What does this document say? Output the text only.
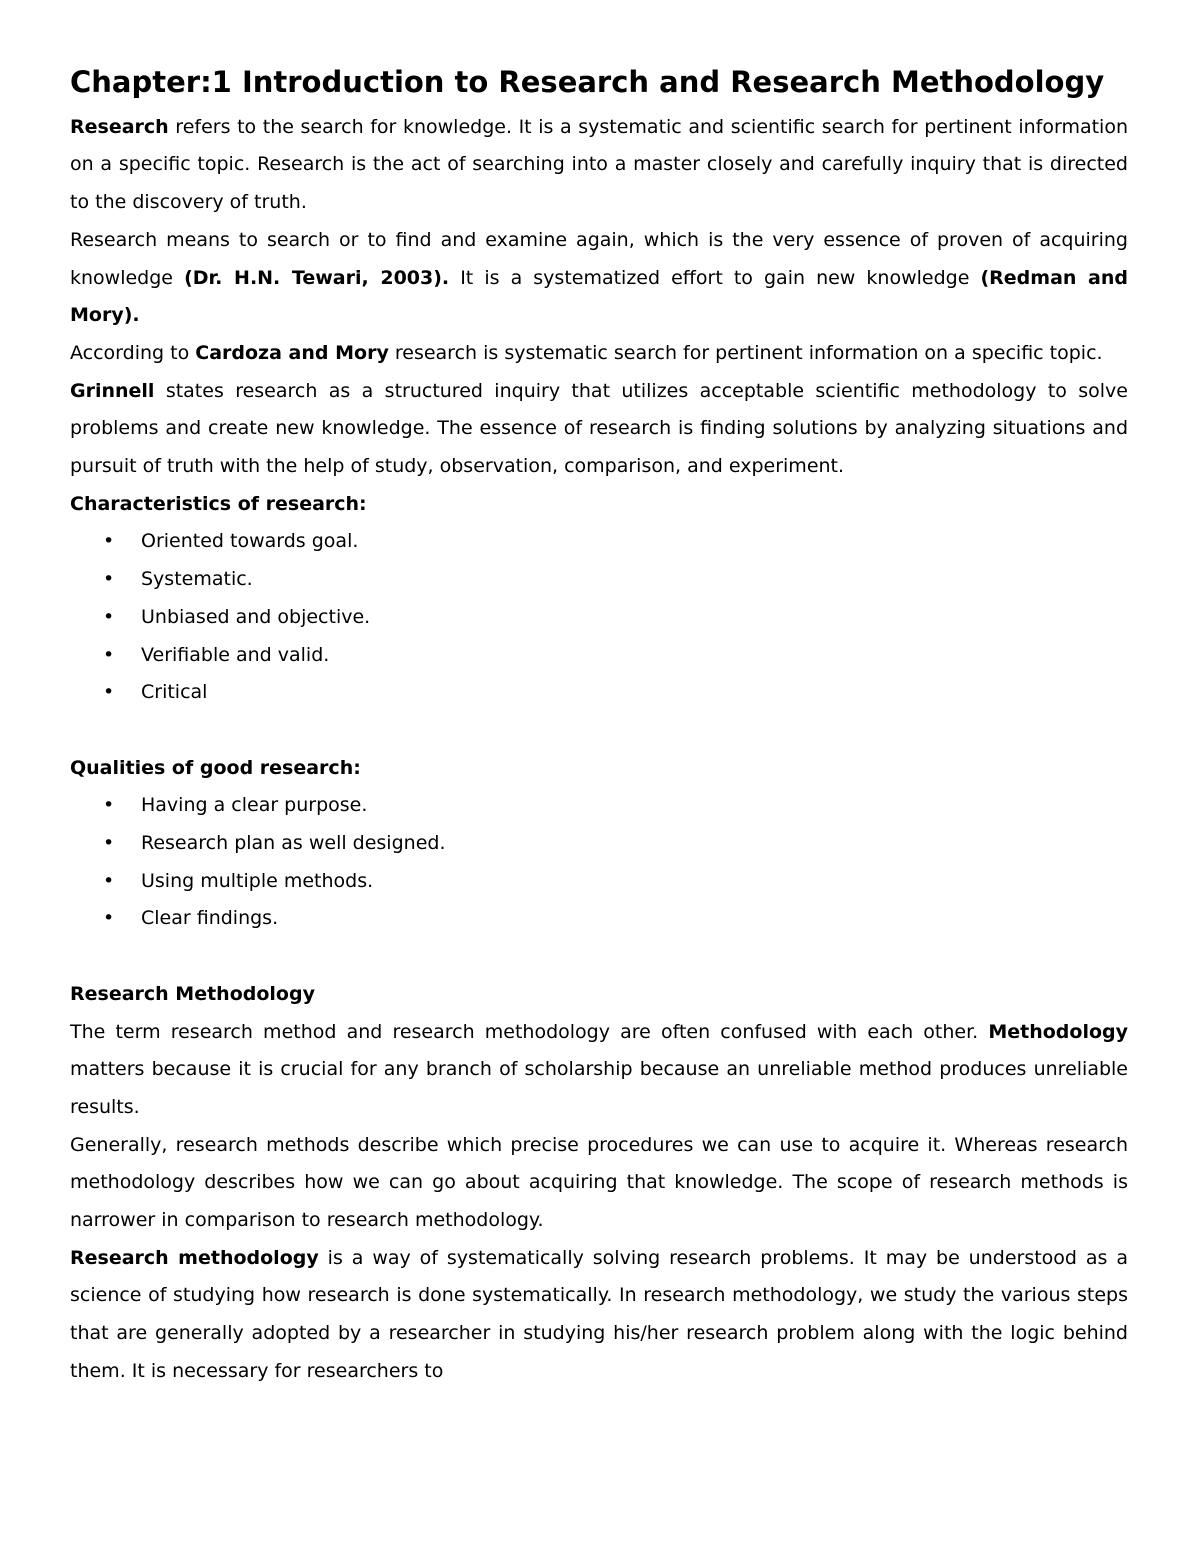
Chapter:1 Introduction to Research and Research Methodology

Research refers to the search for knowledge. It is a systematic and scientific search for pertinent information on a specific topic. Research is the act of searching into a master closely and carefully inquiry that is directed to the discovery of truth.

Research means to search or to find and examine again, which is the very essence of proven of acquiring knowledge (Dr. H.N. Tewari, 2003). It is a systematized effort to gain new knowledge (Redman and Mory).

According to Cardoza and Mory research is systematic search for pertinent information on a specific topic.

Grinnell states research as a structured inquiry that utilizes acceptable scientific methodology to solve problems and create new knowledge. The essence of research is finding solutions by analyzing situations and pursuit of truth with the help of study, observation, comparison, and experiment.

Characteristics of research:
• Oriented towards goal.
• Systematic.
• Unbiased and objective.
• Verifiable and valid.
• Critical
Qualities of good research:
• Having a clear purpose.
• Research plan as well designed.
• Using multiple methods.
• Clear findings.
Research Methodology

The term research method and research methodology are often confused with each other. Methodology matters because it is crucial for any branch of scholarship because an unreliable method produces unreliable results.

Generally, research methods describe which precise procedures we can use to acquire it. Whereas research methodology describes how we can go about acquiring that knowledge. The scope of research methods is narrower in comparison to research methodology.

Research methodology is a way of systematically solving research problems. It may be understood as a science of studying how research is done systematically. In research methodology, we study the various steps that are generally adopted by a researcher in studying his/her research problem along with the logic behind them. It is necessary for researchers to
